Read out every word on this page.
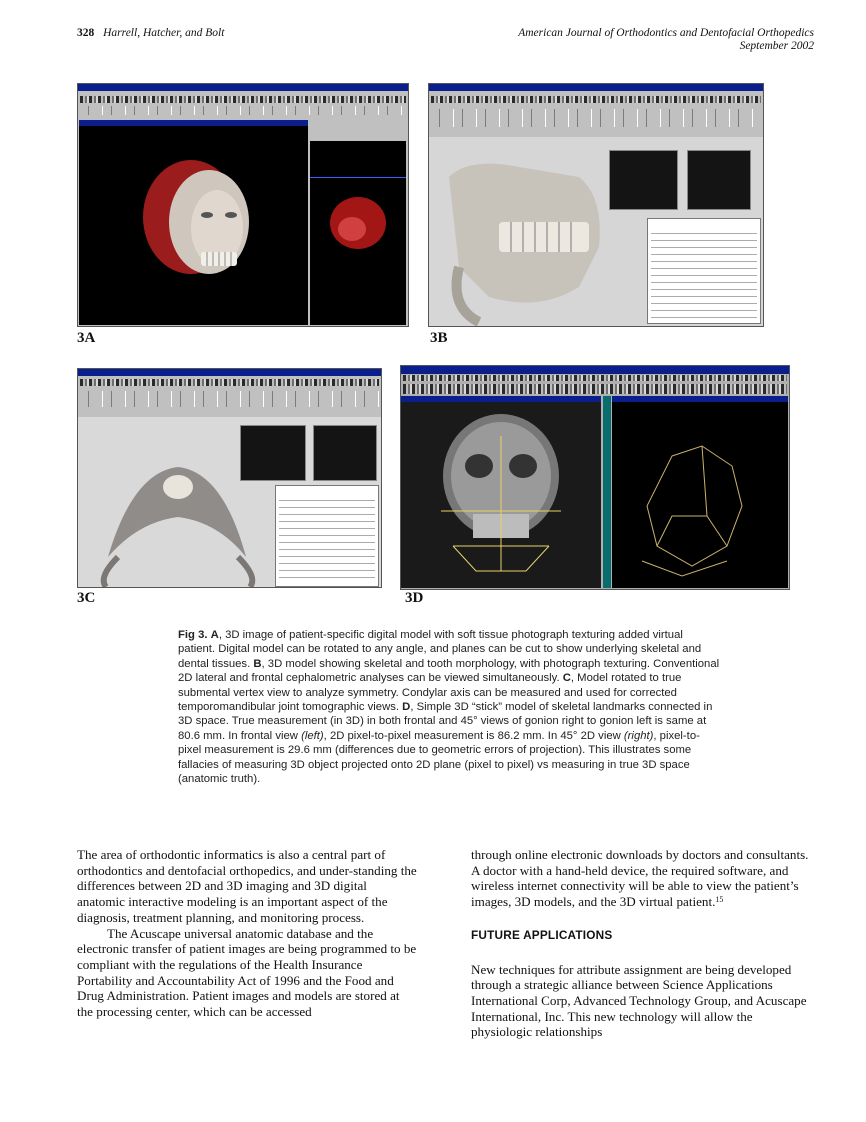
328 Harrell, Hatcher, and Bolt	American Journal of Orthodontics and Dentofacial Orthopedics
September 2002
3A	3B
3C	3D
Fig 3. A, 3D image of patient-specific digital model with soft tissue photograph texturing added virtual patient. Digital model can be rotated to any angle, and planes can be cut to show underlying skeletal and dental tissues. B, 3D model showing skeletal and tooth morphology, with photograph texturing. Conventional 2D lateral and frontal cephalometric analyses can be viewed simultaneously. C, Model rotated to true submental vertex view to analyze symmetry. Condylar axis can be measured and used for corrected temporomandibular joint tomographic views. D, Simple 3D “stick” model of skeletal landmarks connected in 3D space. True measurement (in 3D) in both frontal and 45° views of gonion right to gonion left is same at 80.6 mm. In frontal view (left), 2D pixel-to-pixel measurement is 86.2 mm. In 45° 2D view (right), pixel-to-pixel measurement is 29.6 mm (differences due to geometric errors of projection). This illustrates some fallacies of measuring 3D object projected onto 2D plane (pixel to pixel) vs measuring in true 3D space (anatomic truth).

The area of orthodontic informatics is also a central part of orthodontics and dentofacial orthopedics, and under-standing the differences between 2D and 3D imaging and 3D digital anatomic interactive modeling is an important aspect of the diagnosis, treatment planning, and monitoring process.

The Acuscape universal anatomic database and the electronic transfer of patient images are being programmed to be compliant with the regulations of the Health Insurance Portability and Accountability Act of 1996 and the Food and Drug Administration. Patient images and models are stored at the processing center, which can be accessed

through online electronic downloads by doctors and consultants. A doctor with a hand-held device, the required software, and wireless internet connectivity will be able to view the patient’s images, 3D models, and the 3D virtual patient.$^{15}$

FUTURE APPLICATIONS

New techniques for attribute assignment are being developed through a strategic alliance between Science Applications International Corp, Advanced Technology Group, and Acuscape International, Inc. This new technology will allow the physiologic relationships
